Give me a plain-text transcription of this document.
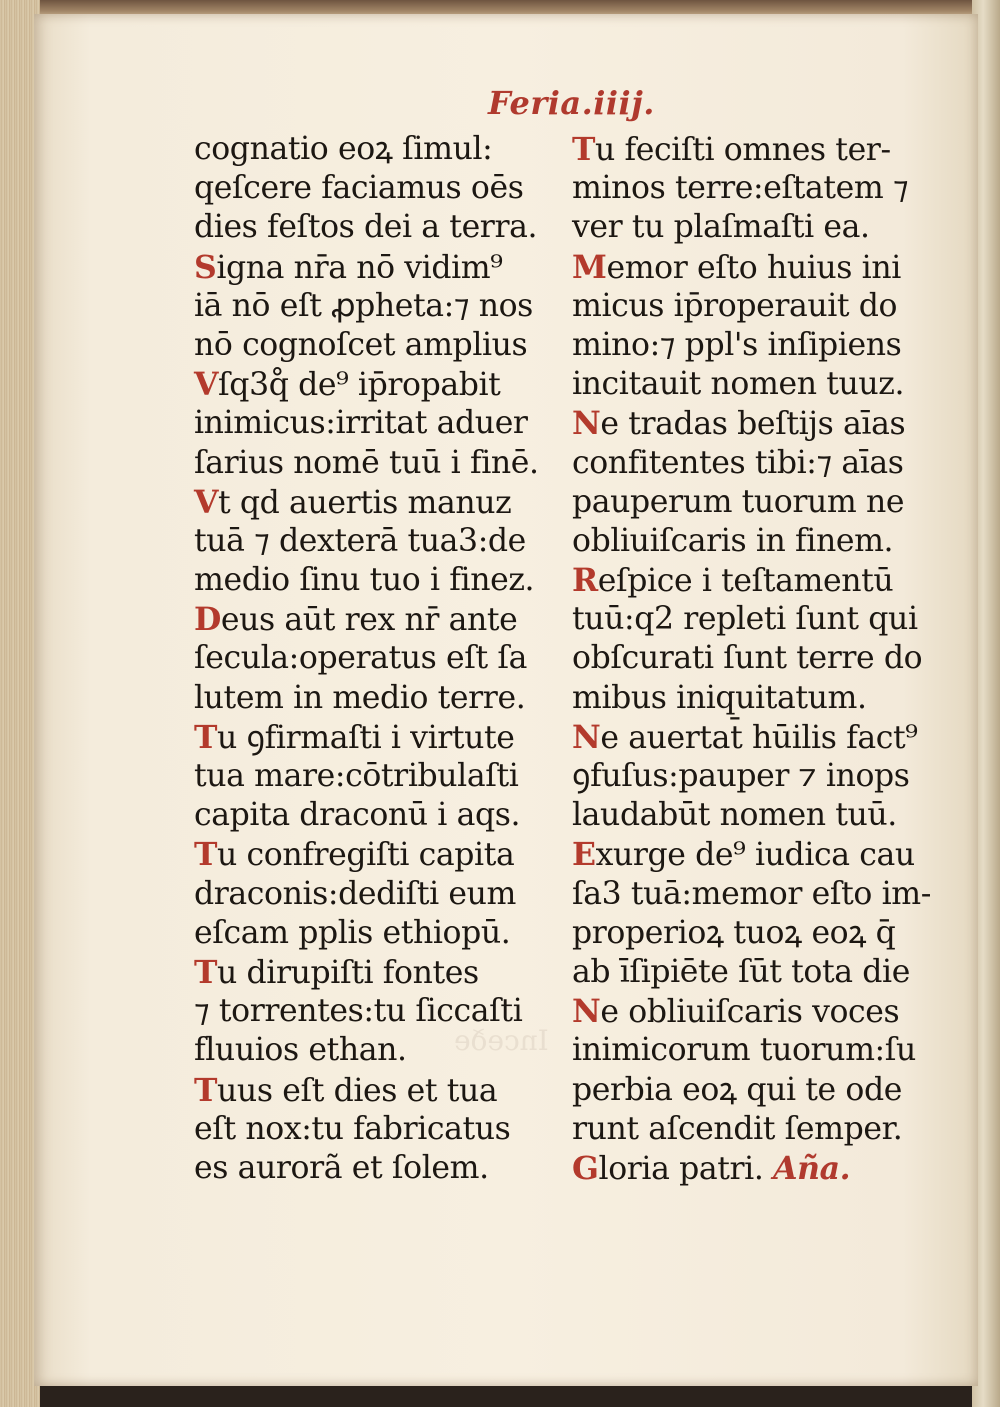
Inceðe
Feria.iiij.
cognatio eoꝝ ſimul:
qeſcere faciamus oēs
dies feſtos dei a terra.
Signa nr̄a nō vidim⁹
iā nō eſt ꝓpheta:⁊ nos
nō cognoſcet amplius
Vſq3q̊ de⁹ ip̄ropabit
inimicus:irritat aduer
ſarius nomē tuū i finē.
Vt qd auertis manuz
tuā ⁊ dexterā tua3:de
medio ſinu tuo i finez.
Deus aūt rex nr̄ ante
ſecula:operatus eſt ſa
lutem in medio terre.
Tu ꝯfirmaſti i virtute
tua mare:cōtribulaſti
capita draconū i aqs.
Tu confregiſti capita
draconis:dediſti eum
eſcam pplis ethiopū.
Tu dirupiſti fontes
⁊ torrentes:tu ſiccaſti
fluuios ethan.
Tuus eſt dies et tua
eſt nox:tu fabricatus
es aurorã et ſolem.
Tu feciſti omnes ter-
minos terre:eſtatem ⁊
ver tu plaſmaſti ea.
Memor eſto huius ini
micus ip̄roperauit do
mino:⁊ ppl's inſipiens
incitauit nomen tuuz.
Ne tradas beſtijs aīas
confitentes tibi:⁊ aīas
pauperum tuorum ne
obliuiſcaris in finem.
Reſpice i teſtamentū
tuū:q2 repleti ſunt qui
obſcurati ſunt terre do
mibus iniquitatum.
Ne auertat̄ hūilis fact⁹
ꝯfuſus:pauper ⁊ inops
laudabūt nomen tuū.
Exurge de⁹ iudica cau
ſa3 tuā:memor eſto im-
properioꝝ tuoꝝ eoꝝ q̄
ab īſipiēte ſūt tota die
Ne obliuiſcaris voces
inimicorum tuorum:ſu
perbia eoꝝ qui te ode
runt aſcendit ſemper.
Gloria patri. Aña.
